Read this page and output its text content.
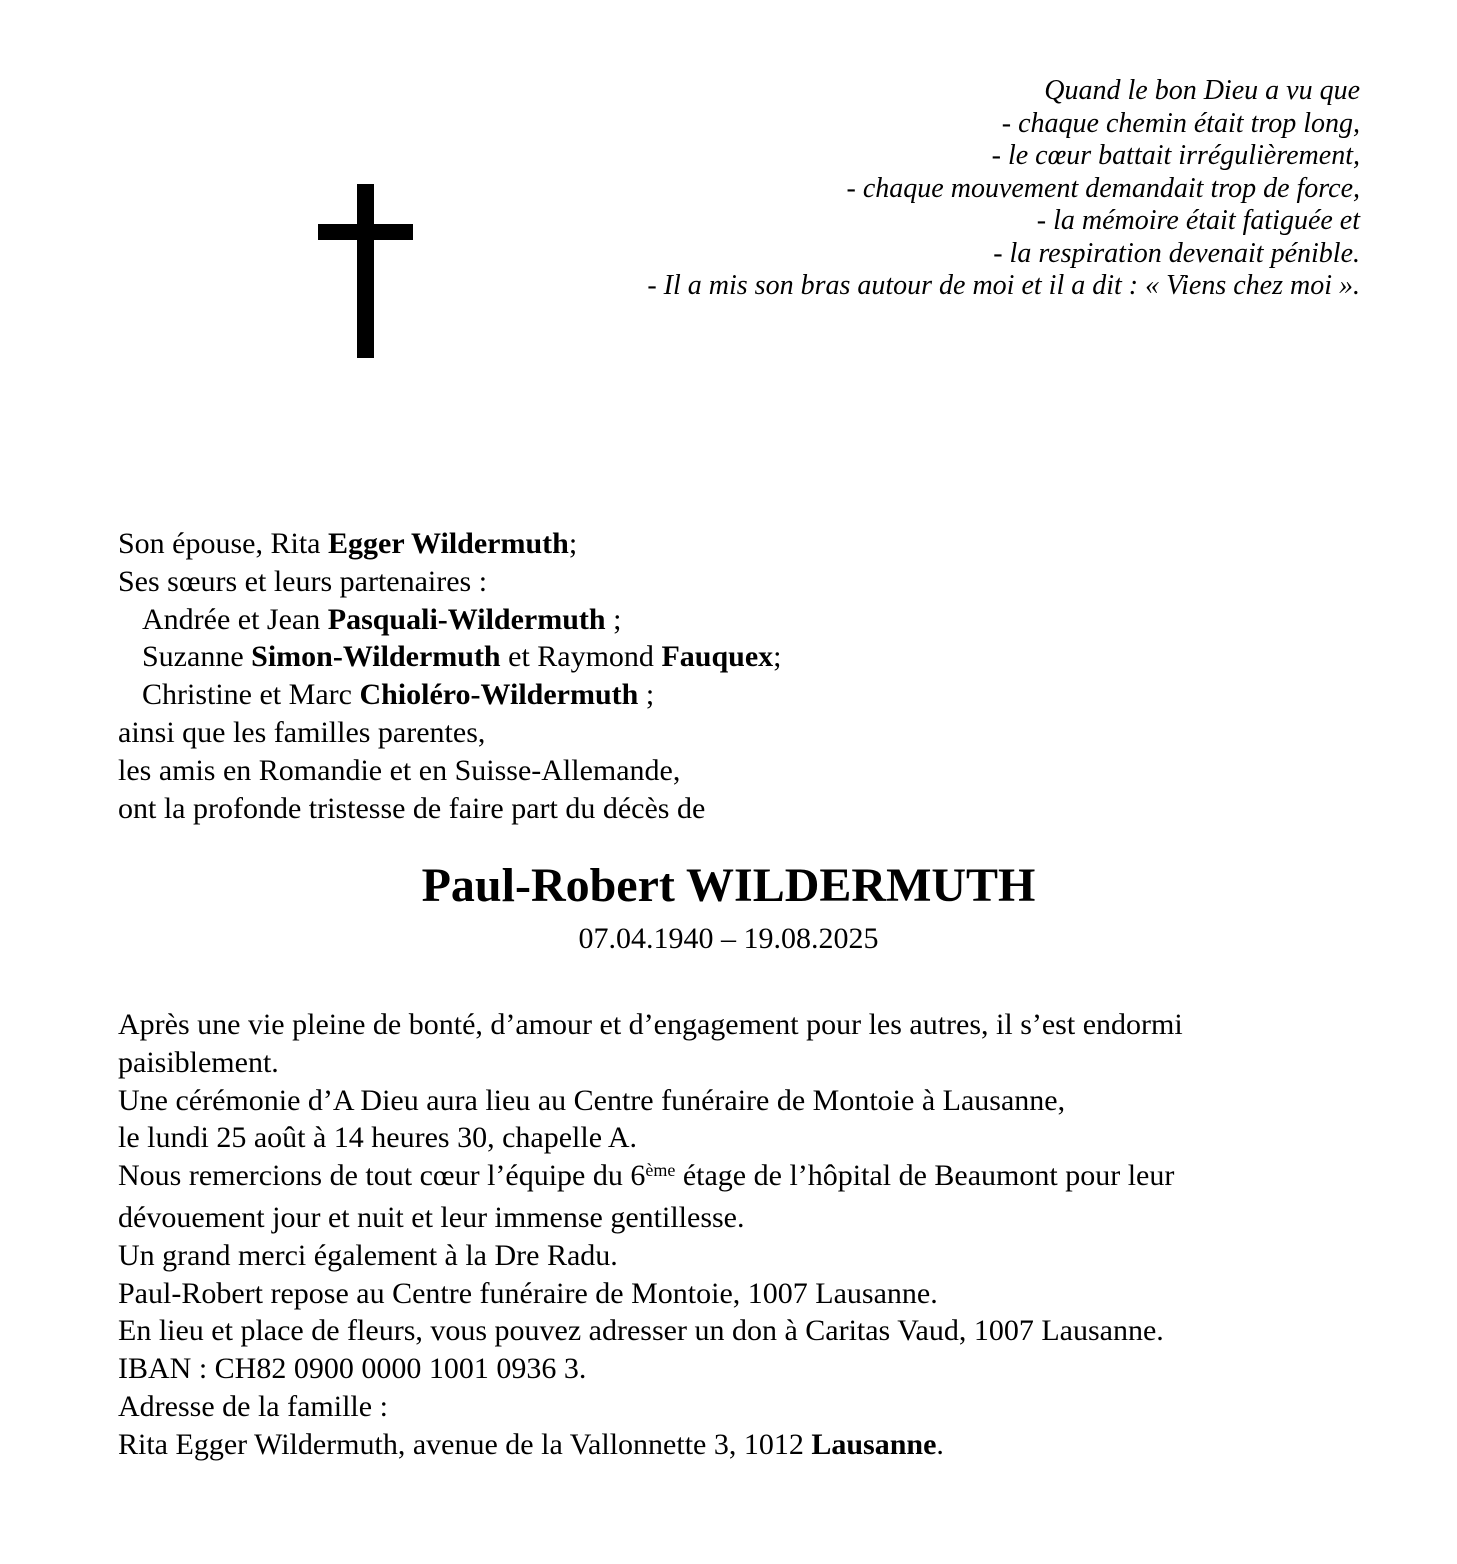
Quand le bon Dieu a vu que
- chaque chemin était trop long,
- le cœur battait irrégulièrement,
- chaque mouvement demandait trop de force,
- la mémoire était fatiguée et
- la respiration devenait pénible.
- Il a mis son bras autour de moi et il a dit : « Viens chez moi ».
Son épouse, Rita Egger Wildermuth;
Ses sœurs et leurs partenaires :
Andrée et Jean Pasquali-Wildermuth ;
Suzanne Simon-Wildermuth et Raymond Fauquex;
Christine et Marc Chioléro-Wildermuth ;
ainsi que les familles parentes,
les amis en Romandie et en Suisse-Allemande,
ont la profonde tristesse de faire part du décès de
Paul-Robert WILDERMUTH
07.04.1940 – 19.08.2025
Après une vie pleine de bonté, d’amour et d’engagement pour les autres, il s’est endormi
paisiblement.
Une cérémonie d’A Dieu aura lieu au Centre funéraire de Montoie à Lausanne,
le lundi 25 août à 14 heures 30, chapelle A.
Nous remercions de tout cœur l’équipe du 6ème étage de l’hôpital de Beaumont pour leur
dévouement jour et nuit et leur immense gentillesse.
Un grand merci également à la Dre Radu.
Paul-Robert repose au Centre funéraire de Montoie, 1007 Lausanne.
En lieu et place de fleurs, vous pouvez adresser un don à Caritas Vaud, 1007 Lausanne.
IBAN : CH82 0900 0000 1001 0936 3.
Adresse de la famille :
Rita Egger Wildermuth, avenue de la Vallonnette 3, 1012 Lausanne.
